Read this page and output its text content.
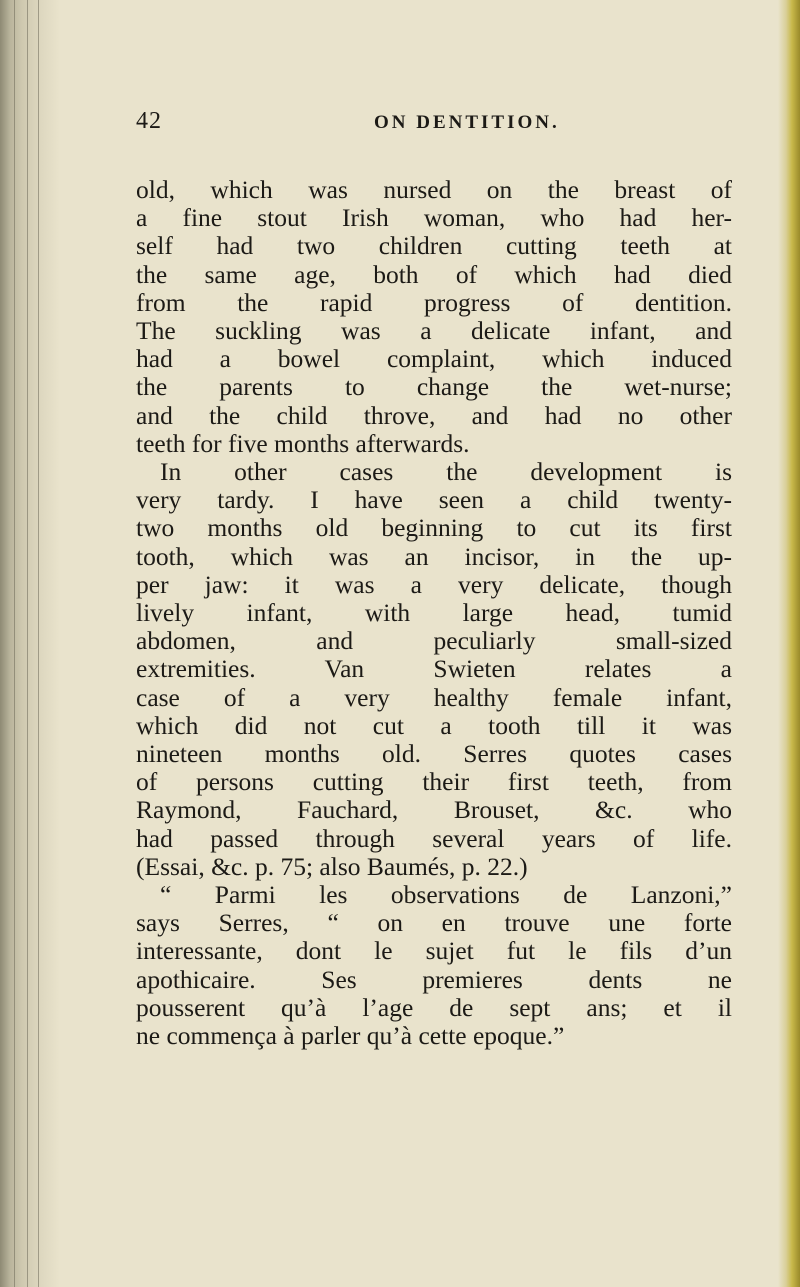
42	ON DENTITION.
old, which was nursed on the breast of
a fine stout Irish woman, who had her-
self had two children cutting teeth at
the same age, both of which had died
from the rapid progress of dentition.
The suckling was a delicate infant, and
had a bowel complaint, which induced
the parents to change the wet-nurse;
and the child throve, and had no other
teeth for five months afterwards.
In other cases the development is
very tardy. I have seen a child twenty-
two months old beginning to cut its first
tooth, which was an incisor, in the up-
per jaw: it was a very delicate, though
lively infant, with large head, tumid
abdomen, and peculiarly small-sized
extremities. Van Swieten relates a
case of a very healthy female infant,
which did not cut a tooth till it was
nineteen months old. Serres quotes cases
of persons cutting their first teeth, from
Raymond, Fauchard, Brouset, &c. who
had passed through several years of life.
(Essai, &c. p. 75; also Baumés, p. 22.)
“ Parmi les observations de Lanzoni,”
says Serres, “ on en trouve une forte
interessante, dont le sujet fut le fils d’un
apothicaire. Ses premieres dents ne
pousserent qu’à l’age de sept ans; et il
ne commença à parler qu’à cette epoque.”
